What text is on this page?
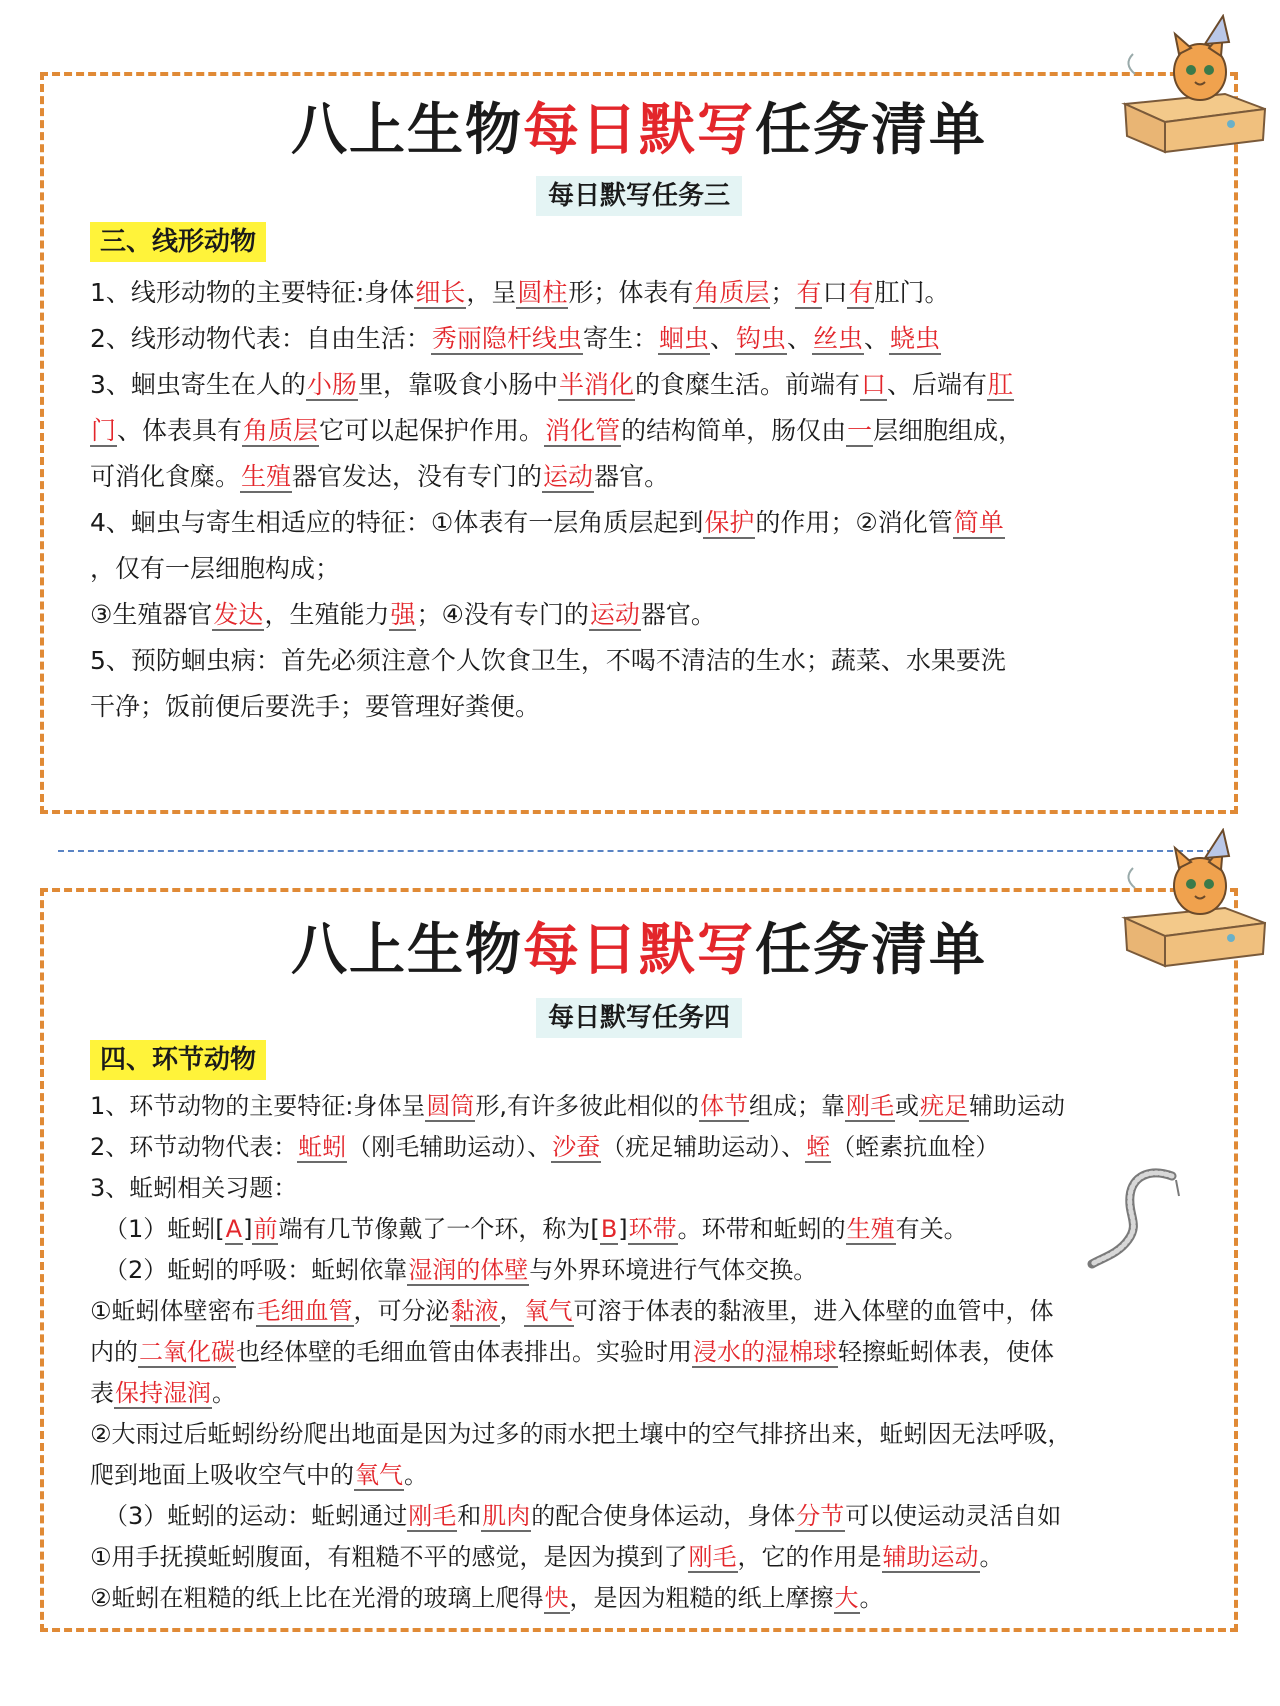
八上生物每日默写任务清单
每日默写任务三
三、线形动物
1、线形动物的主要特征:身体细长，呈圆柱形；体表有角质层；有口有肛门。
2、线形动物代表：自由生活：秀丽隐杆线虫寄生：蛔虫、钩虫、丝虫、蛲虫
3、蛔虫寄生在人的小肠里，靠吸食小肠中半消化的食糜生活。前端有口、后端有肛
门、体表具有角质层它可以起保护作用。消化管的结构简单，肠仅由一层细胞组成，
可消化食糜。生殖器官发达，没有专门的运动器官。
4、蛔虫与寄生相适应的特征：①体表有一层角质层起到保护的作用；②消化管简单
，仅有一层细胞构成；
③生殖器官发达，生殖能力强；④没有专门的运动器官。
5、预防蛔虫病：首先必须注意个人饮食卫生，不喝不清洁的生水；蔬菜、水果要洗
干净；饭前便后要洗手；要管理好粪便。
八上生物每日默写任务清单
每日默写任务四
四、环节动物
1、环节动物的主要特征:身体呈圆筒形,有许多彼此相似的体节组成；靠刚毛或疣足辅助运动
2、环节动物代表：蚯蚓（刚毛辅助运动）、沙蚕（疣足辅助运动）、蛭（蛭素抗血栓）
3、蚯蚓相关习题：
（1）蚯蚓[A]前端有几节像戴了一个环，称为[B]环带。环带和蚯蚓的生殖有关。
（2）蚯蚓的呼吸：蚯蚓依靠湿润的体壁与外界环境进行气体交换。
①蚯蚓体壁密布毛细血管，可分泌黏液，氧气可溶于体表的黏液里，进入体壁的血管中，体
内的二氧化碳也经体壁的毛细血管由体表排出。实验时用浸水的湿棉球轻擦蚯蚓体表，使体
表保持湿润。
②大雨过后蚯蚓纷纷爬出地面是因为过多的雨水把土壤中的空气排挤出来，蚯蚓因无法呼吸，
爬到地面上吸收空气中的氧气。
（3）蚯蚓的运动：蚯蚓通过刚毛和肌肉的配合使身体运动，身体分节可以使运动灵活自如
①用手抚摸蚯蚓腹面，有粗糙不平的感觉，是因为摸到了刚毛，它的作用是辅助运动。
②蚯蚓在粗糙的纸上比在光滑的玻璃上爬得快，是因为粗糙的纸上摩擦大。
